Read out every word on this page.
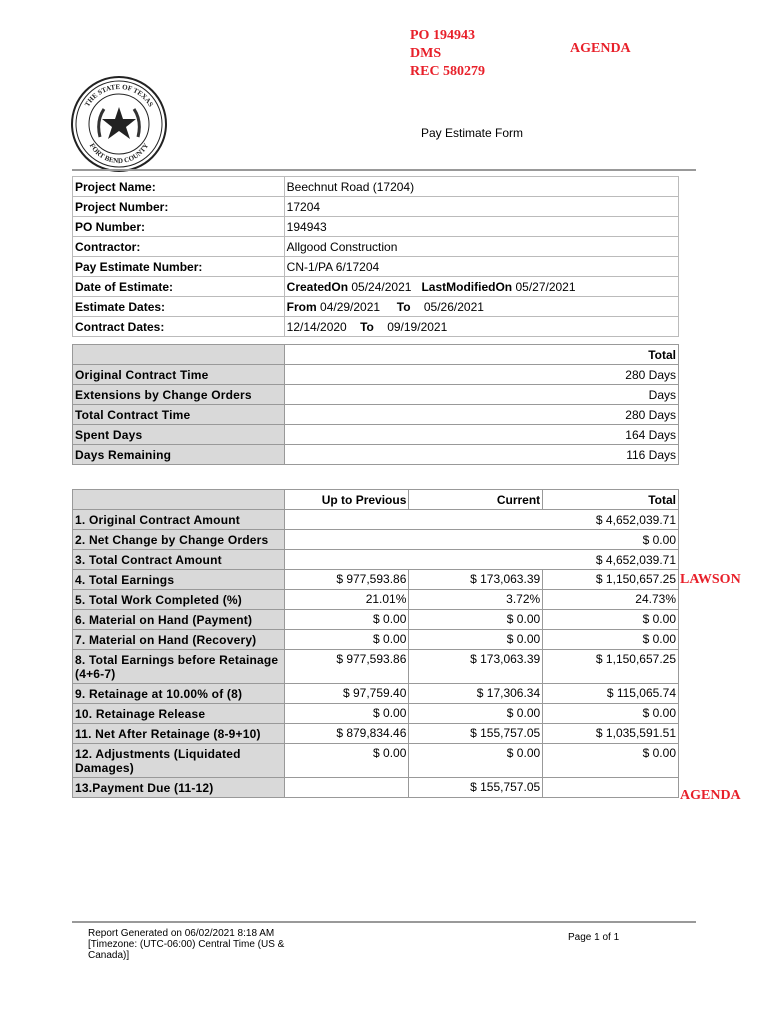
PO 194943
DMS
REC 580279
AGENDA
LAWSON
AGENDA
THE STATE OF TEXAS
FORT BEND COUNTY
Pay Estimate Form
Project Name:	Beechnut Road (17204)
Project Number:	17204
PO Number:	194943
Contractor:	Allgood Construction
Pay Estimate Number:	CN-1/PA 6/17204
Date of Estimate:	CreatedOn 05/24/2021 LastModifiedOn 05/27/2021
Estimate Dates:	From 04/29/2021 To 05/26/2021
Contract Dates:	12/14/2020 To 09/19/2021
	Total
Original Contract Time	280 Days
Extensions by Change Orders	Days
Total Contract Time	280 Days
Spent Days	164 Days
Days Remaining	116 Days
	Up to Previous	Current	Total
1. Original Contract Amount	$ 4,652,039.71		
2. Net Change by Change Orders	$ 0.00		
3. Total Contract Amount	$ 4,652,039.71		
4. Total Earnings	$ 977,593.86	$ 173,063.39	$ 1,150,657.25
5. Total Work Completed (%)	21.01%	3.72%	24.73%
6. Material on Hand (Payment)	$ 0.00	$ 0.00	$ 0.00
7. Material on Hand (Recovery)	$ 0.00	$ 0.00	$ 0.00
8. Total Earnings before Retainage (4+6-7)	$ 977,593.86	$ 173,063.39	$ 1,150,657.25
9. Retainage at 10.00% of (8)	$ 97,759.40	$ 17,306.34	$ 115,065.74
10. Retainage Release	$ 0.00	$ 0.00	$ 0.00
11. Net After Retainage (8-9+10)	$ 879,834.46	$ 155,757.05	$ 1,035,591.51
12. Adjustments (Liquidated Damages)	$ 0.00	$ 0.00	$ 0.00
13.Payment Due (11-12)		$ 155,757.05	
Report Generated on 06/02/2021 8:18 AM
[Timezone: (UTC-06:00) Central Time (US &
Canada)]
Page 1 of 1
